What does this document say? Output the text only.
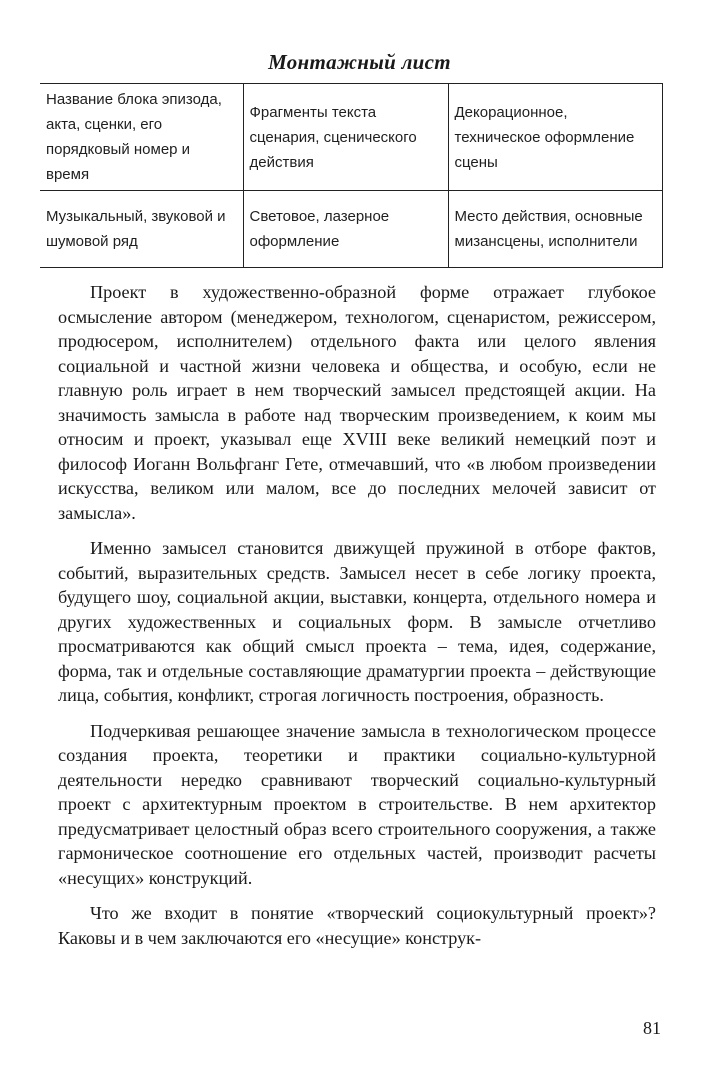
Монтажный лист
Название блока эпизода, акта, сценки, его порядковый номер и время	Фрагменты текста сценария, сценического действия	Декорационное, техническое оформление сцены
Музыкальный, звуковой и шумовой ряд	Световое, лазерное оформление	Место действия, основные мизансцены, исполнители

Проект в художественно-образной форме отражает глубокое осмысление автором (менеджером, технологом, сценаристом, режиссером, продюсером, исполнителем) отдельного факта или целого явления социальной и частной жизни человека и общества, и особую, если не главную роль играет в нем творческий замысел предстоящей акции. На значимость замысла в работе над творческим произведением, к коим мы относим и проект, указывал еще XVIII веке великий немецкий поэт и философ Иоганн Вольфганг Гете, отмечавший, что «в любом произведении искусства, великом или малом, все до последних мелочей зависит от замысла».

Именно замысел становится движущей пружиной в отборе фактов, событий, выразительных средств. Замысел несет в себе логику проекта, будущего шоу, социальной акции, выставки, концерта, отдельного номера и других художественных и социальных форм. В замысле отчетливо просматриваются как общий смысл проекта – тема, идея, содержание, форма, так и отдельные составляющие драматургии проекта – действующие лица, события, конфликт, строгая логичность построения, образность.

Подчеркивая решающее значение замысла в технологическом процессе создания проекта, теоретики и практики социально-культурной деятельности нередко сравнивают творческий социально-культурный проект с архитектурным проектом в строительстве. В нем архитектор предусматривает целостный образ всего строительного сооружения, а также гармоническое соотношение его отдельных частей, производит расчеты «несущих» конструкций.

Что же входит в понятие «творческий социокультурный проект»? Каковы и в чем заключаются его «несущие» конструк-

81
